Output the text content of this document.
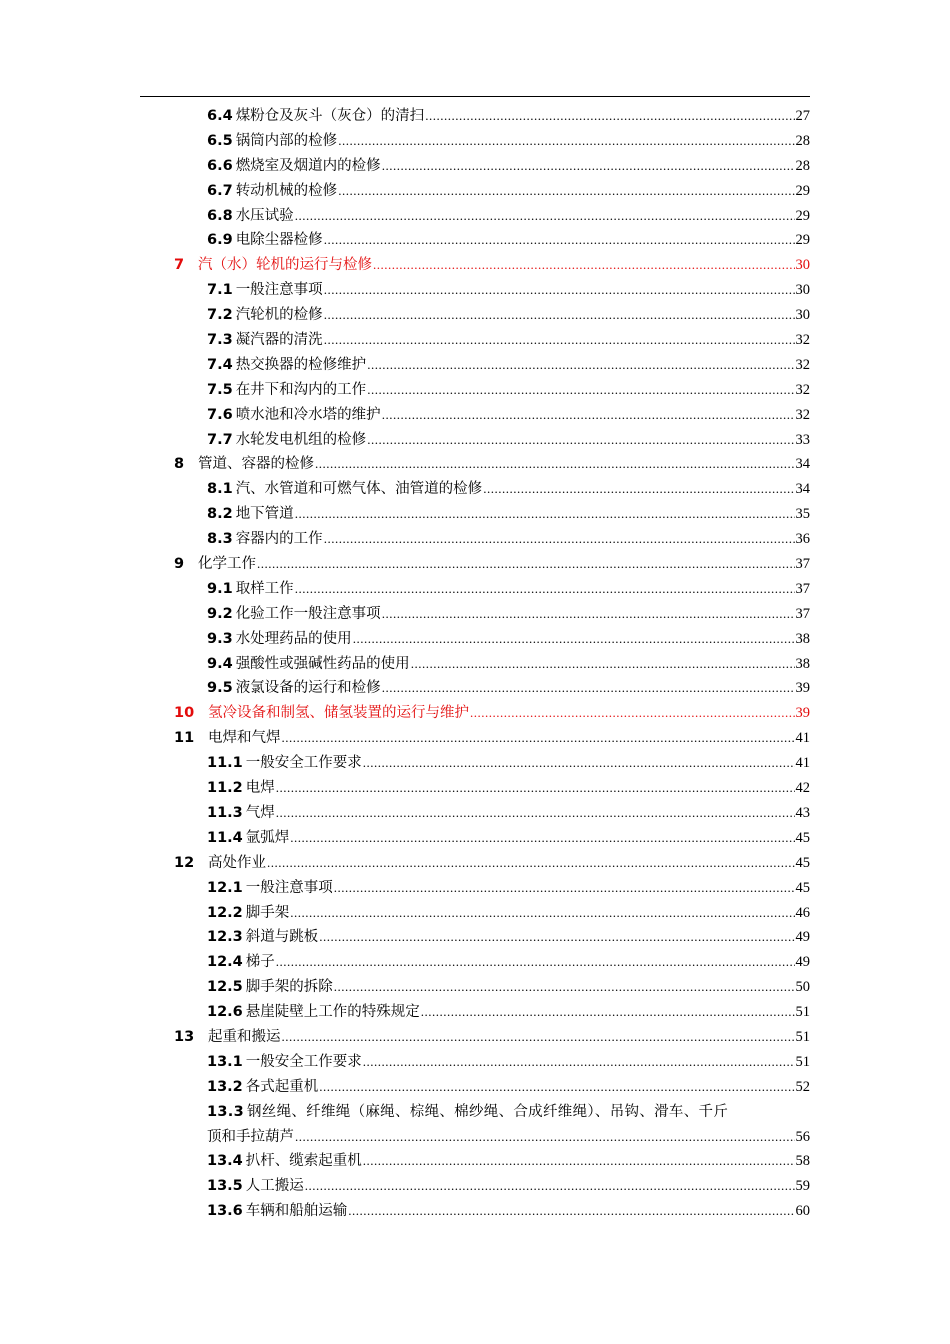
6.4 煤粉仓及灰斗（灰仓）的清扫 .....	27
6.5 锅筒内部的检修 .....	28
6.6 燃烧室及烟道内的检修 .....	28
6.7 转动机械的检修 .....	29
6.8 水压试验 .....	29
6.9 电除尘器检修 .....	29
7 汽（水）轮机的运行与检修 .....	30
7.1 一般注意事项 .....	30
7.2 汽轮机的检修 .....	30
7.3 凝汽器的清洗 .....	32
7.4 热交换器的检修维护 .....	32
7.5 在井下和沟内的工作 .....	32
7.6 喷水池和冷水塔的维护 .....	32
7.7 水轮发电机组的检修 .....	33
8 管道、容器的检修 .....	34
8.1 汽、水管道和可燃气体、油管道的检修 .....	34
8.2 地下管道 .....	35
8.3 容器内的工作 .....	36
9 化学工作 .....	37
9.1 取样工作 .....	37
9.2 化验工作一般注意事项 .....	37
9.3 水处理药品的使用 .....	38
9.4 强酸性或强碱性药品的使用 .....	38
9.5 液氯设备的运行和检修 .....	39
10 氢冷设备和制氢、储氢装置的运行与维护 .....	39
11 电焊和气焊 .....	41
11.1 一般安全工作要求 .....	41
11.2 电焊 .....	42
11.3 气焊 .....	43
11.4 氩弧焊 .....	45
12 高处作业 .....	45
12.1 一般注意事项 .....	45
12.2 脚手架 .....	46
12.3 斜道与跳板 .....	49
12.4 梯子 .....	49
12.5 脚手架的拆除 .....	50
12.6 悬崖陡壁上工作的特殊规定 .....	51
13 起重和搬运 .....	51
13.1 一般安全工作要求 .....	51
13.2 各式起重机 .....	52
13.3 钢丝绳、纤维绳（麻绳、棕绳、棉纱绳、合成纤维绳）、吊钩、滑车、千斤
顶和手拉葫芦 .....	56
13.4 扒杆、缆索起重机 .....	58
13.5 人工搬运 .....	59
13.6 车辆和船舶运输 .....	60
